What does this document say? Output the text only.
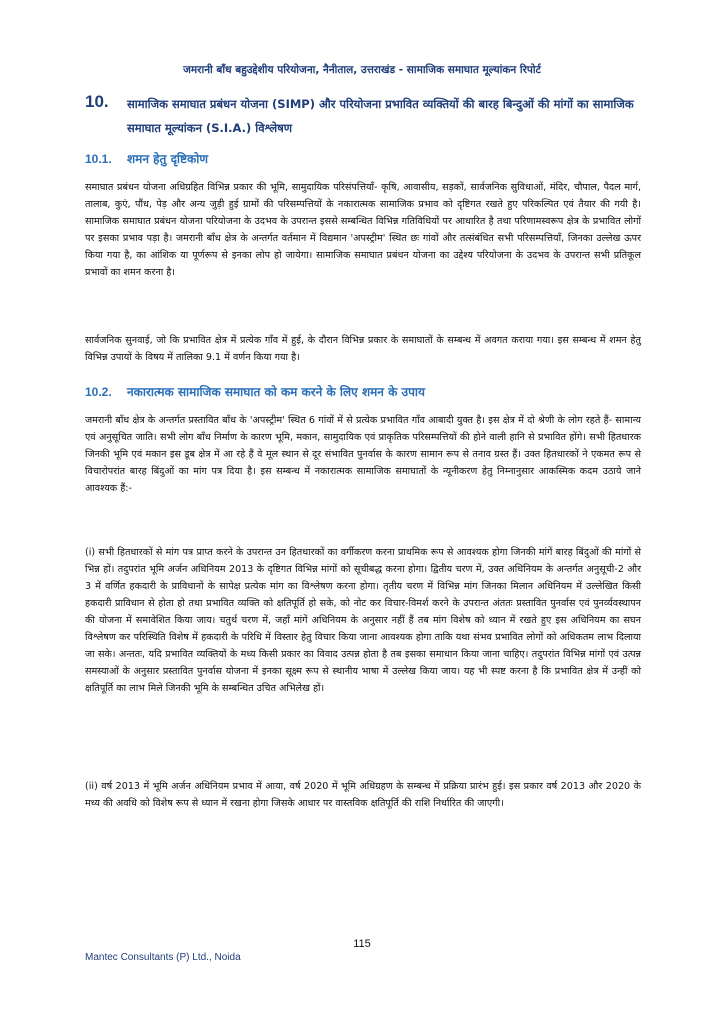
जमरानी बाँध बहुउद्देशीय परियोजना, नैनीताल, उत्तराखंड - सामाजिक समाघात मूल्यांकन रिपोर्ट
10. सामाजिक समाघात प्रबंधन योजना (SIMP) और परियोजना प्रभावित व्यक्तियों की बारह बिन्दुओं की मांगों का सामाजिक समाघात मूल्यांकन (S.I.A.) विश्लेषण
10.1. शमन हेतु दृष्टिकोण

समाघात प्रबंधन योजना अधिग्रहित विभिन्न प्रकार की भूमि, सामुदायिक परिसंपत्तियाँ- कृषि, आवासीय, सड़कों, सार्वजनिक सुविधाओं, मंदिर, चौपाल, पैदल मार्ग, तालाब, कुएं, पौंध, पेड़ और अन्य जुड़ी हुई ग्रामों की परिसम्पत्तियों के नकारात्मक सामाजिक प्रभाव को दृष्टिगत रखते हुए परिकल्पित एवं तैयार की गयी है। सामाजिक समाघात प्रबंधन योजना परियोजना के उदभव के उपरान्त इससे सम्बन्धित विभिन्न गतिविधियों पर आधारित है तथा परिणामस्वरूप क्षेत्र के प्रभावित लोगों पर इसका प्रभाव पड़ा है। जमरानी बाँध क्षेत्र के अन्तर्गत वर्तमान में विद्यमान 'अपस्ट्रीम' स्थित छः गांवों और तत्संबंधित सभी परिसम्पत्तियाँ, जिनका उल्लेख ऊपर किया गया है, का आंशिक या पूर्णरूप से इनका लोप हो जायेगा। सामाजिक समाघात प्रबंधन योजना का उद्देश्य परियोजना के उदभव के उपरान्त सभी प्रतिकूल प्रभावों का शमन करना है।

सार्वजनिक सुनवाई, जो कि प्रभावित क्षेत्र में प्रत्येक गाँव में हुई, के दौरान विभिन्न प्रकार के समाघातों के सम्बन्ध में अवगत कराया गया। इस सम्बन्ध में शमन हेतु विभिन्न उपायों के विषय में तालिका 9.1 में वर्णन किया गया है।

10.2. नकारात्मक सामाजिक समाघात को कम करने के लिए शमन के उपाय

जमरानी बाँध क्षेत्र के अन्तर्गत प्रस्तावित बाँध के 'अपस्ट्रीम' स्थित 6 गांवों में से प्रत्येक प्रभावित गाँव आबादी युक्त है। इस क्षेत्र में दो श्रेणी के लोग रहते हैं- सामान्य एवं अनुसूचित जाति। सभी लोग बाँध निर्माण के कारण भूमि, मकान, सामुदायिक एवं प्राकृतिक परिसम्पत्तियों की होने वाली हानि से प्रभावित होंगे। सभी हितधारक जिनकी भूमि एवं मकान इस डूब क्षेत्र में आ रहे हैं वे मूल स्थान से दूर संभावित पुनर्वास के कारण सामान रूप से तनाव ग्रस्त हैं। उक्त हितधारकों ने एकमत रूप से विचारोपरांत बारह बिंदुओं का मांग पत्र दिया है। इस सम्बन्ध में नकारात्मक सामाजिक समाघातों के न्यूनीकरण हेतु निम्नानुसार आकस्मिक कदम उठाये जाने आवश्यक हैं:-

(i) सभी हितधारकों से मांग पत्र प्राप्त करने के उपरान्त उन हितधारकों का वर्गीकरण करना प्राथमिक रूप से आवश्यक होगा जिनकी मांगें बारह बिंदुओं की मांगों से भिन्न हों। तदुपरांत भूमि अर्जन अधिनियम 2013 के दृष्टिगत विभिन्न मांगों को सूचीबद्ध करना होगा। द्वितीय चरण में, उक्त अधिनियम के अन्तर्गत अनुसूची-2 और 3 में वर्णित हकदारी के प्राविधानों के सापेक्ष प्रत्येक मांग का विश्लेषण करना होगा। तृतीय चरण में विभिन्न मांग जिनका मिलान अधिनियम में उल्लेखित किसी हकदारी प्राविधान से होता हो तथा प्रभावित व्यक्ति को क्षतिपूर्ति हो सके, को नोट कर विचार-विमर्श करने के उपरान्त अंततः प्रस्तावित पुनर्वास एवं पुनर्व्यवस्थापन की योजना में समावेशित किया जाय। चतुर्थ चरण में, जहाँ मांगें अधिनियम के अनुसार नहीं हैं तब मांग विशेष को ध्यान में रखते हुए इस अधिनियम का सघन विश्लेषण कर परिस्थिति विशेष में हकदारी के परिधि में विस्तार हेतु विचार किया जाना आवश्यक होगा ताकि यथा संभव प्रभावित लोगों को अधिकतम लाभ दिलाया जा सके। अन्ततः, यदि प्रभावित व्यक्तियों के मध्य किसी प्रकार का विवाद उत्पन्न होता है तब इसका समाधान किया जाना चाहिए। तदुपरांत विभिन्न मांगों एवं उत्पन्न समस्याओं के अनुसार प्रस्तावित पुनर्वास योजना में इनका सूक्ष्म रूप से स्थानीय भाषा में उल्लेख किया जाय। यह भी स्पष्ट करना है कि प्रभावित क्षेत्र में उन्हीं को क्षतिपूर्ति का लाभ मिले जिनकी भूमि के सम्बन्धित उचित अभिलेख हों।

(ii) वर्ष 2013 में भूमि अर्जन अधिनियम प्रभाव में आया, वर्ष 2020 में भूमि अधिग्रहण के सम्बन्ध में प्रक्रिया प्रारंभ हुई। इस प्रकार वर्ष 2013 और 2020 के मध्य की अवधि को विशेष रूप से ध्यान में रखना होगा जिसके आधार पर वास्तविक क्षतिपूर्ति की राशि निर्धारित की जाएगी।

115
Mantec Consultants (P) Ltd., Noida
